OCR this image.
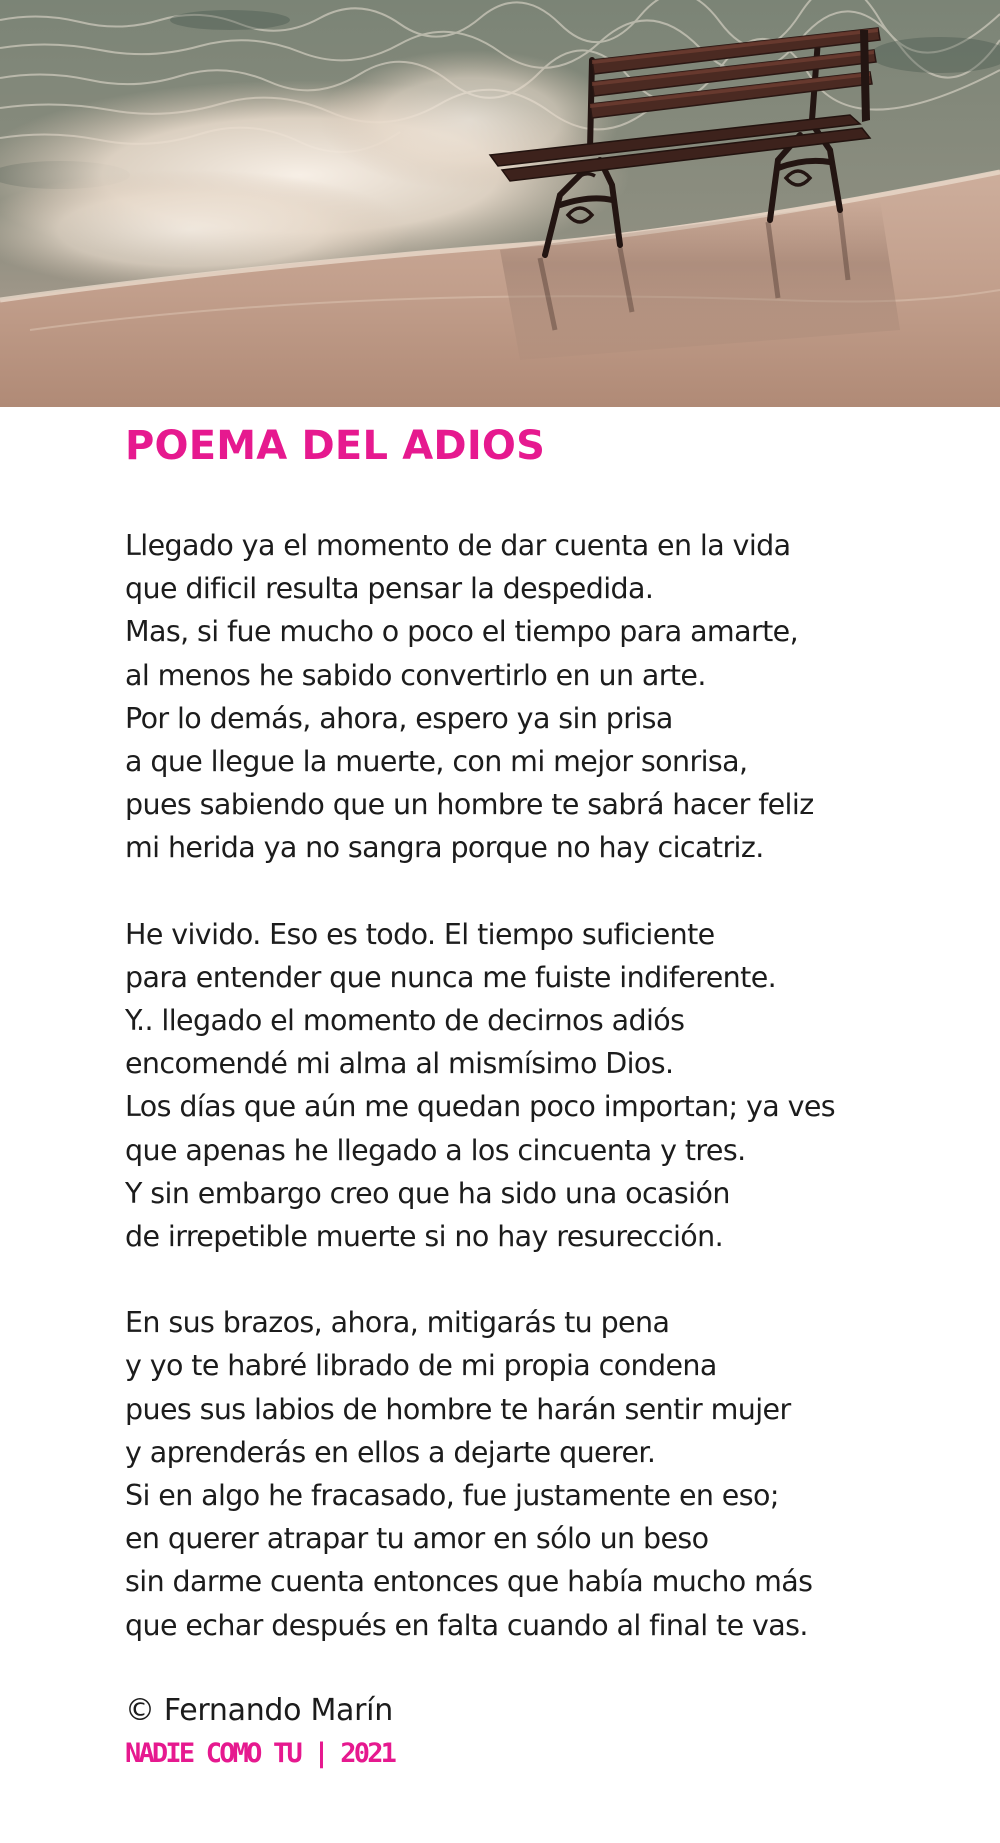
POEMA DEL ADIOS
Llegado ya el momento de dar cuenta en la vida
que dificil resulta pensar la despedida.
Mas, si fue mucho o poco el tiempo para amarte,
al menos he sabido convertirlo en un arte.
Por lo demás, ahora, espero ya sin prisa
a que llegue la muerte, con mi mejor sonrisa,
pues sabiendo que un hombre te sabrá hacer feliz
mi herida ya no sangra porque no hay cicatriz.
He vivido. Eso es todo. El tiempo suficiente
para entender que nunca me fuiste indiferente.
Y.. llegado el momento de decirnos adiós
encomendé mi alma al mismísimo Dios.
Los días que aún me quedan poco importan; ya ves
que apenas he llegado a los cincuenta y tres.
Y sin embargo creo que ha sido una ocasión
de irrepetible muerte si no hay resurección.
En sus brazos, ahora, mitigarás tu pena
y yo te habré librado de mi propia condena
pues sus labios de hombre te harán sentir mujer
y aprenderás en ellos a dejarte querer.
Si en algo he fracasado, fue justamente en eso;
en querer atrapar tu amor en sólo un beso
sin darme cuenta entonces que había mucho más
que echar después en falta cuando al final te vas.
© Fernando Marín
NADIE COMO TU | 2021
